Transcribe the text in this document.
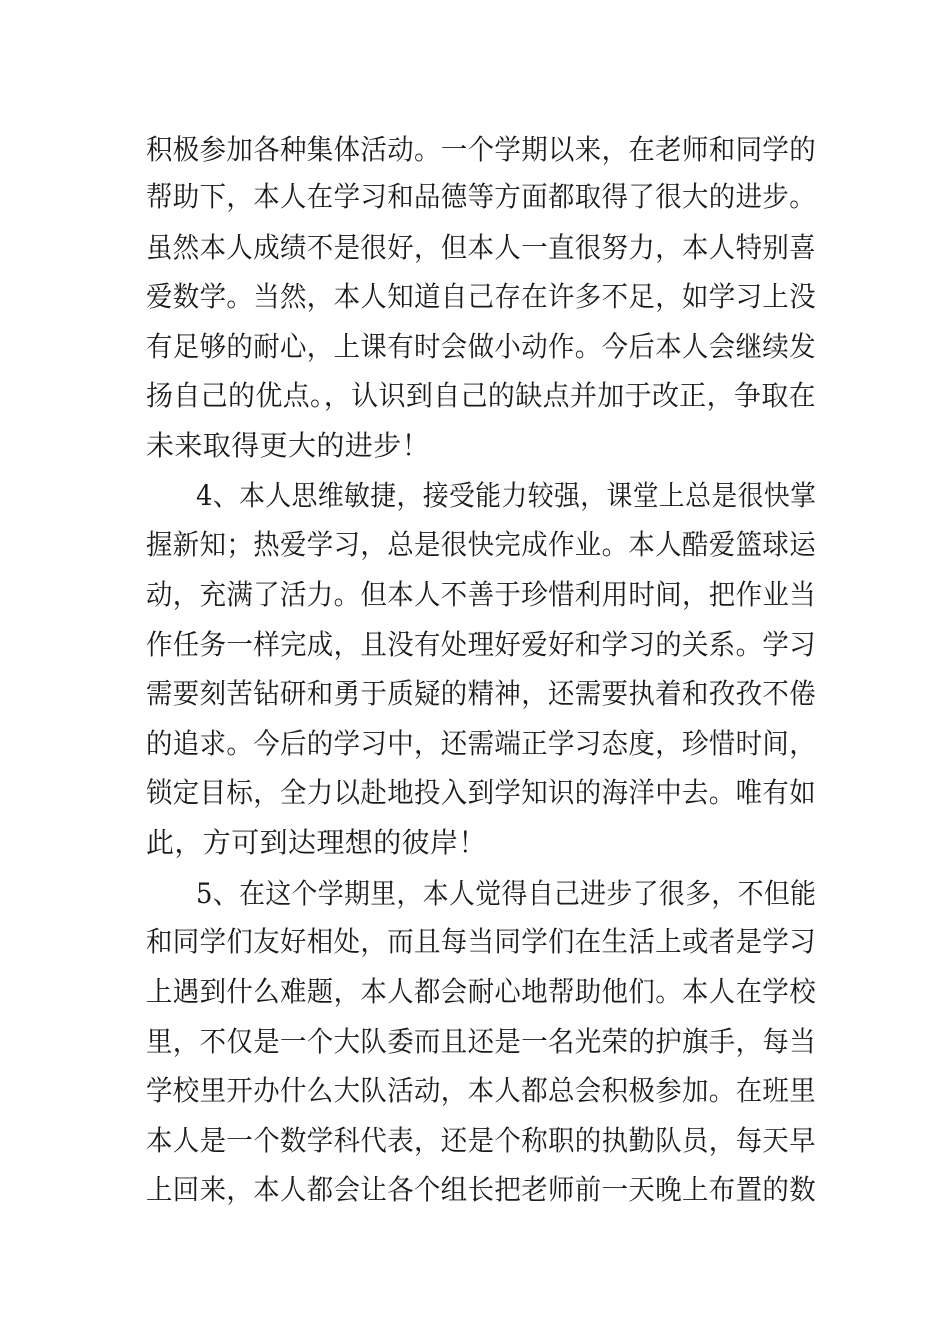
积极参加各种集体活动。一个学期以来，在老师和同学的
帮助下，本人在学习和品德等方面都取得了很大的进步。
虽然本人成绩不是很好，但本人一直很努力，本人特别喜
爱数学。当然，本人知道自己存在许多不足，如学习上没
有足够的耐心，上课有时会做小动作。今后本人会继续发
扬自己的优点。，认识到自己的缺点并加于改正，争取在
未来取得更大的进步！
4、本人思维敏捷，接受能力较强，课堂上总是很快掌
握新知；热爱学习，总是很快完成作业。本人酷爱篮球运
动，充满了活力。但本人不善于珍惜利用时间，把作业当
作任务一样完成，且没有处理好爱好和学习的关系。学习
需要刻苦钻研和勇于质疑的精神，还需要执着和孜孜不倦
的追求。今后的学习中，还需端正学习态度，珍惜时间，
锁定目标，全力以赴地投入到学知识的海洋中去。唯有如
此，方可到达理想的彼岸！
5、在这个学期里，本人觉得自己进步了很多，不但能
和同学们友好相处，而且每当同学们在生活上或者是学习
上遇到什么难题，本人都会耐心地帮助他们。本人在学校
里，不仅是一个大队委而且还是一名光荣的护旗手，每当
学校里开办什么大队活动，本人都总会积极参加。在班里
本人是一个数学科代表，还是个称职的执勤队员，每天早
上回来，本人都会让各个组长把老师前一天晚上布置的数
